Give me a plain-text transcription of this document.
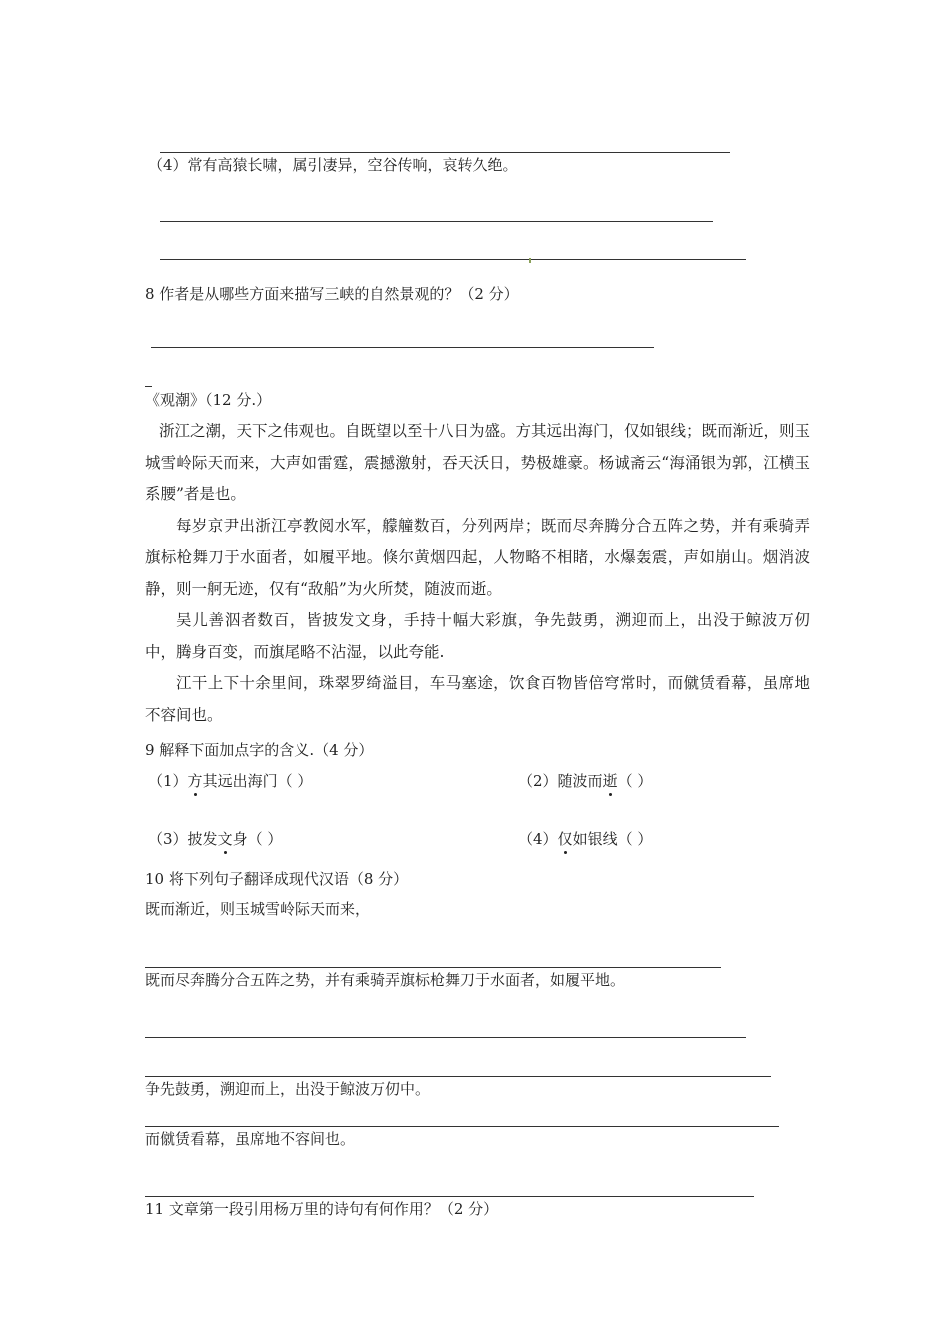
（4）常有高猿长啸，属引凄异，空谷传响，哀转久绝。
8 作者是从哪些方面来描写三峡的自然景观的？（2 分）
《观潮》（12 分.）

浙江之潮，天下之伟观也。自既望以至十八日为盛。方其远出海门，仅如银线；既而渐近，则玉城雪岭际天而来，大声如雷霆，震撼激射，吞天沃日，势极雄豪。杨诚斋云“海涌银为郭，江横玉系腰”者是也。

每岁京尹出浙江亭教阅水军，艨艟数百，分列两岸；既而尽奔腾分合五阵之势，并有乘骑弄旗标枪舞刀于水面者，如履平地。倏尔黄烟四起，人物略不相睹，水爆轰震，声如崩山。烟消波静，则一舸无迹，仅有“敌船”为火所焚，随波而逝。

吴儿善泅者数百，皆披发文身，手持十幅大彩旗，争先鼓勇，溯迎而上，出没于鲸波万仞中，腾身百变，而旗尾略不沾湿，以此夸能.

江干上下十余里间，珠翠罗绮溢目，车马塞途，饮食百物皆倍穹常时，而僦赁看幕，虽席地不容间也。

9 解释下面加点字的含义.（4 分）
（1）方其远出海门（ ）	（2）随波而逝（ ）
（3）披发文身（ ）	（4）仅如银线（ ）
10 将下列句子翻译成现代汉语（8 分）
既而渐近，则玉城雪岭际天而来，
既而尽奔腾分合五阵之势，并有乘骑弄旗标枪舞刀于水面者，如履平地。
争先鼓勇，溯迎而上，出没于鲸波万仞中。
而僦赁看幕，虽席地不容间也。
11 文章第一段引用杨万里的诗句有何作用？（2 分）
